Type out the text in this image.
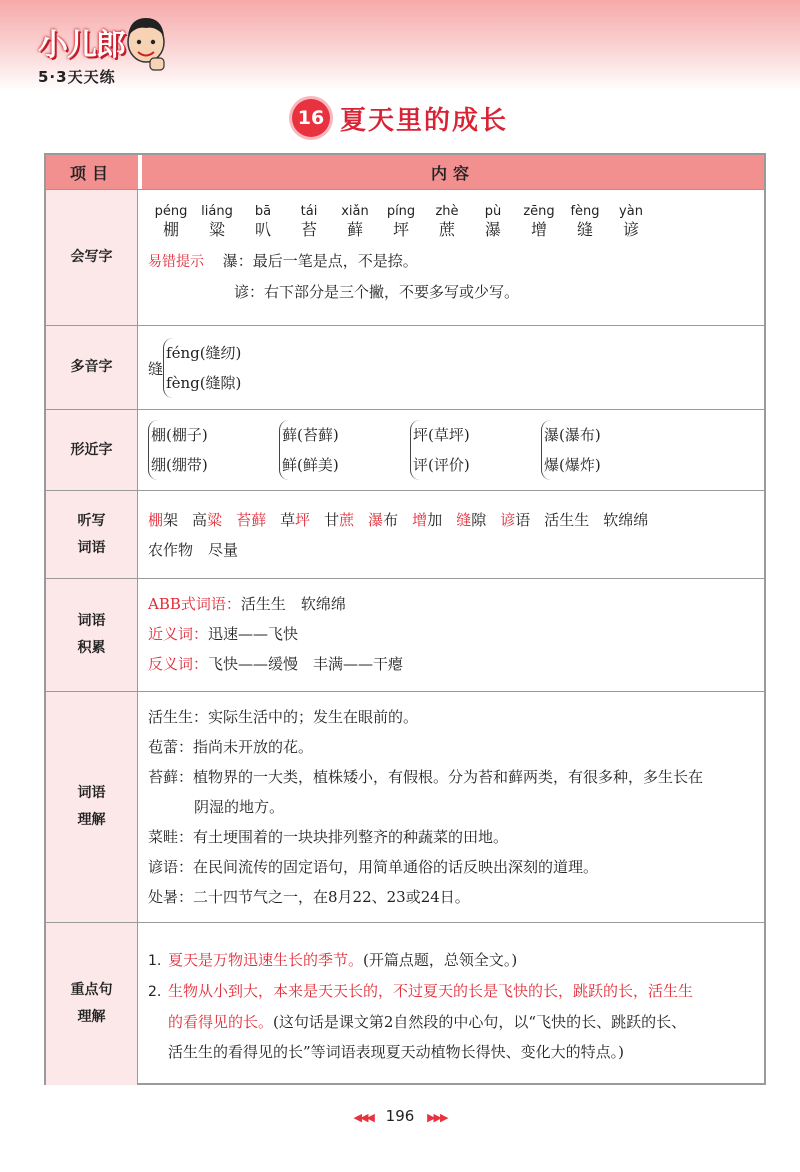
小儿郎
5·3天天练
16 夏天里的成长
项目	内容
会写字
péng
棚
liáng
粱
bā
叭
tái
苔
xiǎn
藓
píng
坪
zhè
蔗
pù
瀑
zēng
增
fèng
缝
yàn
谚
易错提示 瀑：最后一笔是点，不是捺。
谚：右下部分是三个撇，不要多写或少写。
多音字	缝
féng(缝纫)
fèng(缝隙)
形近字
棚(棚子)
绷(绷带)
藓(苔藓)
鲜(鲜美)
坪(草坪)
评(评价)
瀑(瀑布)
爆(爆炸)
听写
词语
棚架 高粱 苔藓 草坪 甘蔗 瀑布 增加 缝隙 谚语 活生生 软绵绵
农作物　尽量
词语
积累
ABB式词语：活生生　软绵绵
近义词：迅速——飞快
反义词：飞快——缓慢　丰满——干瘪
词语
理解
活生生：实际生活中的；发生在眼前的。
苞蕾：指尚未开放的花。
苔藓：植物界的一大类，植株矮小，有假根。分为苔和藓两类，有很多种，多生长在
阴湿的地方。
菜畦：有土埂围着的一块块排列整齐的种蔬菜的田地。
谚语：在民间流传的固定语句，用简单通俗的话反映出深刻的道理。
处暑：二十四节气之一，在8月22、23或24日。
重点句
理解
1. 夏天是万物迅速生长的季节。(开篇点题，总领全文。)
2. 生物从小到大，本来是天天长的，不过夏天的长是飞快的长，跳跃的长，活生生
的看得见的长。(这句话是课文第2自然段的中心句，以“飞快的长、跳跃的长、
活生生的看得见的长”等词语表现夏天动植物长得快、变化大的特点。)
◀◀◀ 196 ▶▶▶
